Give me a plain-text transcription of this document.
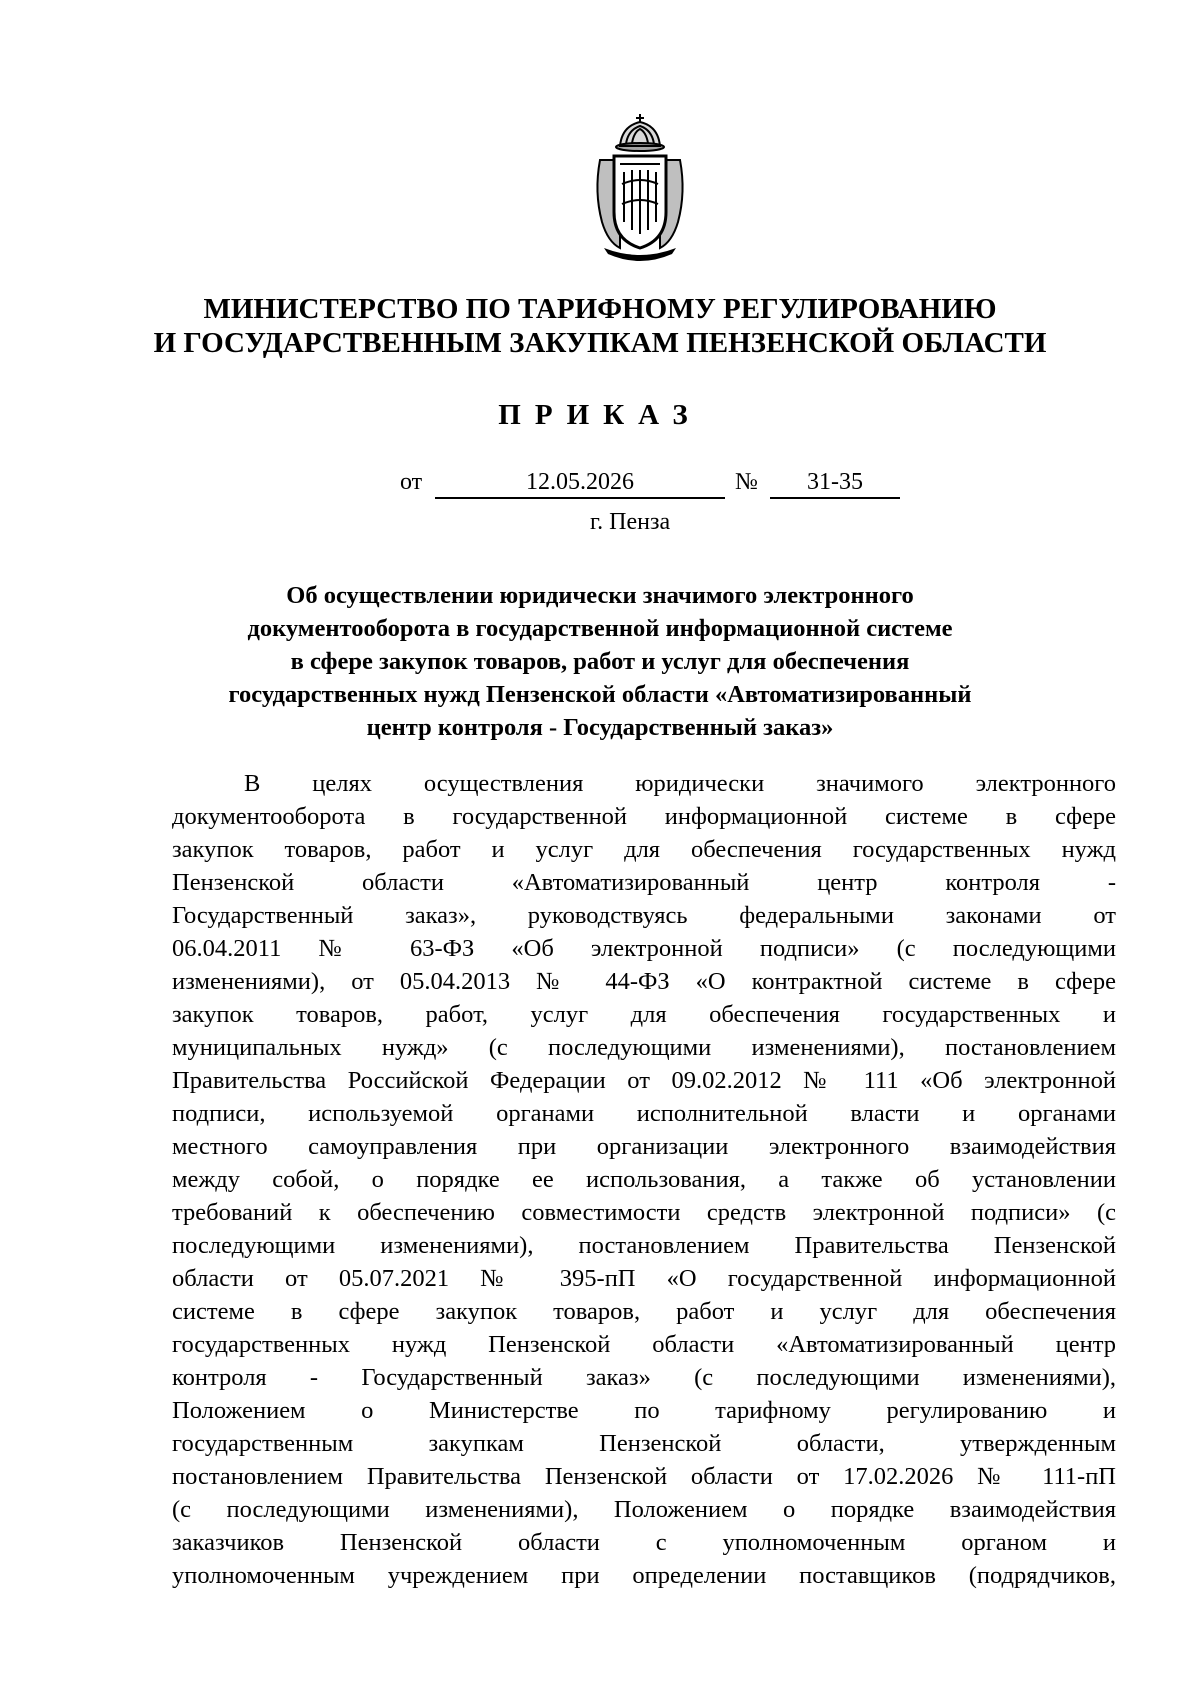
МИНИСТЕРСТВО ПО ТАРИФНОМУ РЕГУЛИРОВАНИЮ
И ГОСУДАРСТВЕННЫМ ЗАКУПКАМ ПЕНЗЕНСКОЙ ОБЛАСТИ
ПРИКАЗ
от	12.05.2026	№	31-35
г. Пенза
Об осуществлении юридически значимого электронного
документооборота в государственной информационной системе
в сфере закупок товаров, работ и услуг для обеспечения
государственных нужд Пензенской области «Автоматизированный
центр контроля - Государственный заказ»
В целях осуществления юридически значимого электронного
документооборота в государственной информационной системе в сфере
закупок товаров, работ и услуг для обеспечения государственных нужд
Пензенской области «Автоматизированный центр контроля -
Государственный заказ», руководствуясь федеральными законами от
06.04.2011 № 63-ФЗ «Об электронной подписи» (с последующими
изменениями), от 05.04.2013 № 44-ФЗ «О контрактной системе в сфере
закупок товаров, работ, услуг для обеспечения государственных и
муниципальных нужд» (с последующими изменениями), постановлением
Правительства Российской Федерации от 09.02.2012 № 111 «Об электронной
подписи, используемой органами исполнительной власти и органами
местного самоуправления при организации электронного взаимодействия
между собой, о порядке ее использования, а также об установлении
требований к обеспечению совместимости средств электронной подписи» (с
последующими изменениями), постановлением Правительства Пензенской
области от 05.07.2021 № 395-пП «О государственной информационной
системе в сфере закупок товаров, работ и услуг для обеспечения
государственных нужд Пензенской области «Автоматизированный центр
контроля - Государственный заказ» (с последующими изменениями),
Положением о Министерстве по тарифному регулированию и
государственным закупкам Пензенской области, утвержденным
постановлением Правительства Пензенской области от 17.02.2026 № 111-пП
(с последующими изменениями), Положением о порядке взаимодействия
заказчиков Пензенской области с уполномоченным органом и
уполномоченным учреждением при определении поставщиков (подрядчиков,
